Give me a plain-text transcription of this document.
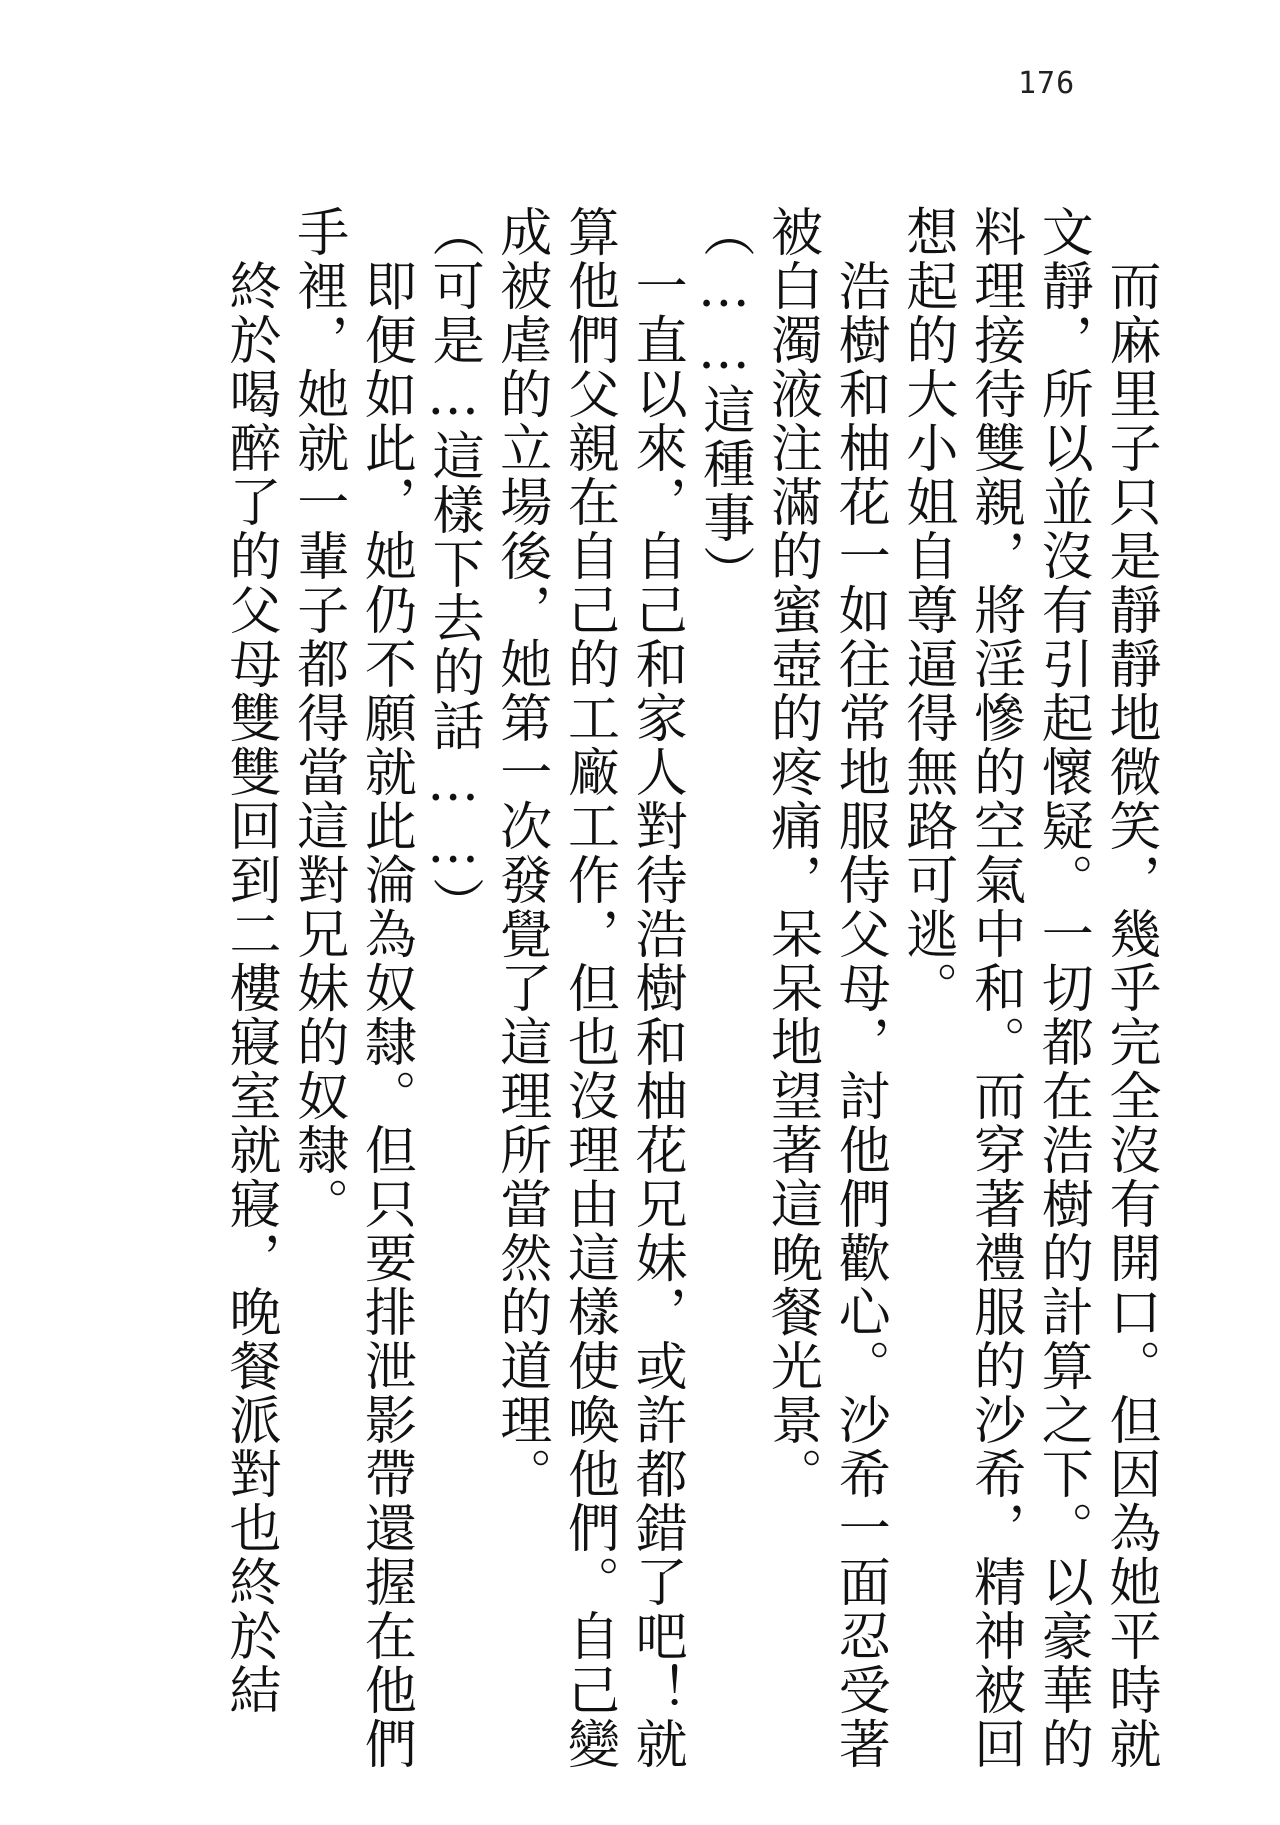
176
　而麻里子只是靜靜地微笑，幾乎完全沒有開口。但因為她平時就
文靜，所以並沒有引起懷疑。一切都在浩樹的計算之下。以豪華的
料理接待雙親，將淫慘的空氣中和。而穿著禮服的沙希，精神被回
想起的大小姐自尊逼得無路可逃。
　浩樹和柚花一如往常地服侍父母，討他們歡心。沙希一面忍受著
被白濁液注滿的蜜壺的疼痛，呆呆地望著這晚餐光景。
（……這種事）
　一直以來，自己和家人對待浩樹和柚花兄妹，或許都錯了吧！就
算他們父親在自己的工廠工作，但也沒理由這樣使喚他們。自己變
成被虐的立場後，她第一次發覺了這理所當然的道理。
（可是…這樣下去的話……）
　即便如此，她仍不願就此淪為奴隸。但只要排泄影帶還握在他們
手裡，她就一輩子都得當這對兄妹的奴隸。
　終於喝醉了的父母雙雙回到二樓寢室就寢，晚餐派對也終於結
